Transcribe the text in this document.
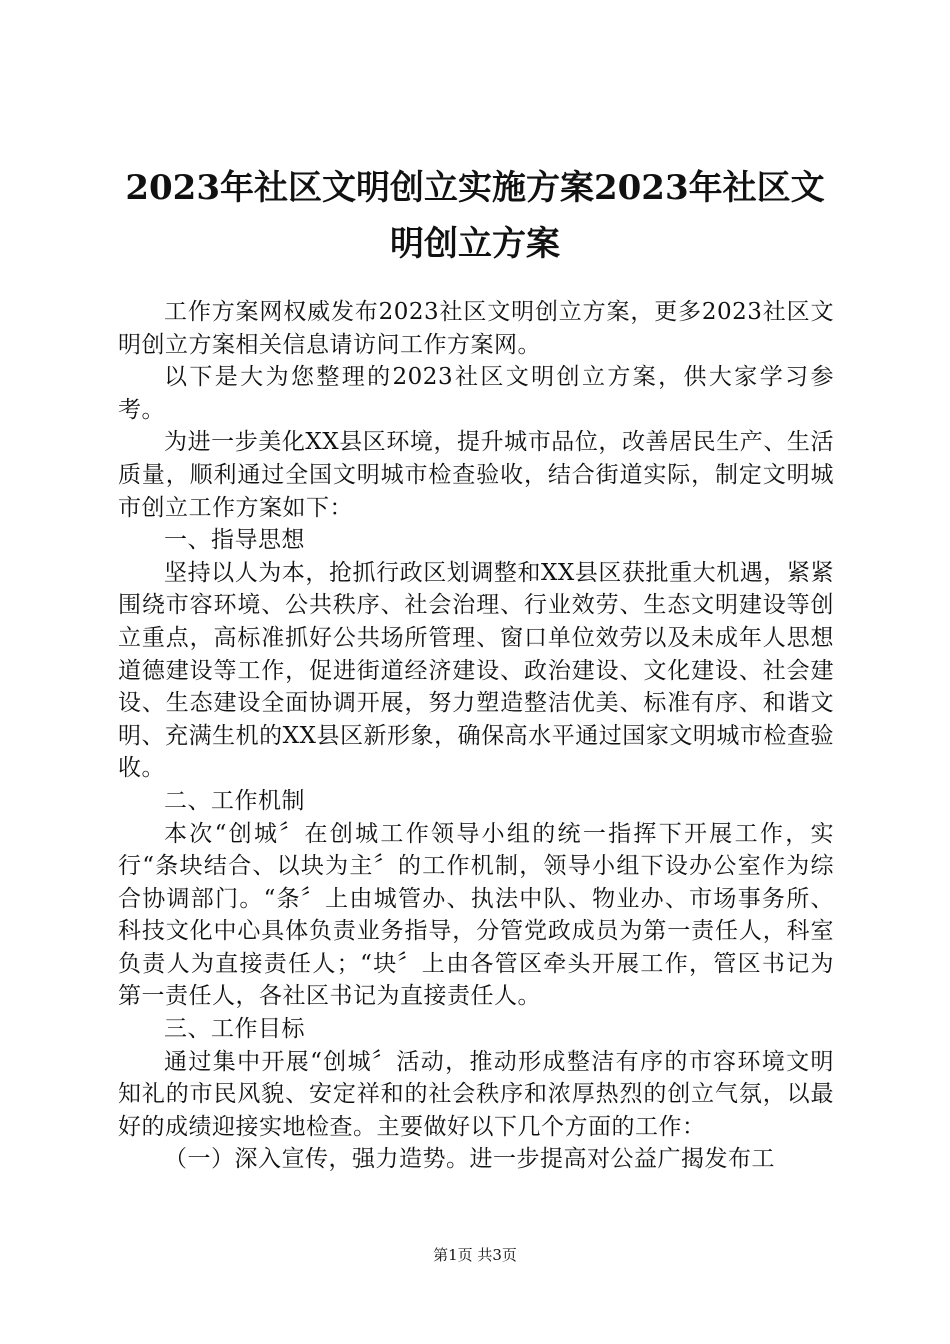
2023年社区文明创立实施方案2023年社区文明创立方案

工作方案网权威发布2023社区文明创立方案，更多2023社区文明创立方案相关信息请访问工作方案网。

以下是大为您整理的2023社区文明创立方案，供大家学习参考。

为进一步美化XX县区环境，提升城市品位，改善居民生产、生活质量，顺利通过全国文明城市检查验收，结合街道实际，制定文明城市创立工作方案如下：

一、指导思想

坚持以人为本，抢抓行政区划调整和XX县区获批重大机遇，紧紧围绕市容环境、公共秩序、社会治理、行业效劳、生态文明建设等创立重点，高标准抓好公共场所管理、窗口单位效劳以及未成年人思想道德建设等工作，促进街道经济建设、政治建设、文化建设、社会建设、生态建设全面协调开展，努力塑造整洁优美、标准有序、和谐文明、充满生机的XX县区新形象，确保高水平通过国家文明城市检查验收。

二、工作机制

本次“创城〞在创城工作领导小组的统一指挥下开展工作，实行“条块结合、以块为主〞的工作机制，领导小组下设办公室作为综合协调部门。“条〞上由城管办、执法中队、物业办、市场事务所、科技文化中心具体负责业务指导，分管党政成员为第一责任人，科室负责人为直接责任人；“块〞上由各管区牵头开展工作，管区书记为第一责任人，各社区书记为直接责任人。

三、工作目标

通过集中开展“创城〞活动，推动形成整洁有序的市容环境文明知礼的市民风貌、安定祥和的社会秩序和浓厚热烈的创立气氛，以最好的成绩迎接实地检查。主要做好以下几个方面的工作：

（一）深入宣传，强力造势。进一步提高对公益广揭发布工

第1页 共3页
